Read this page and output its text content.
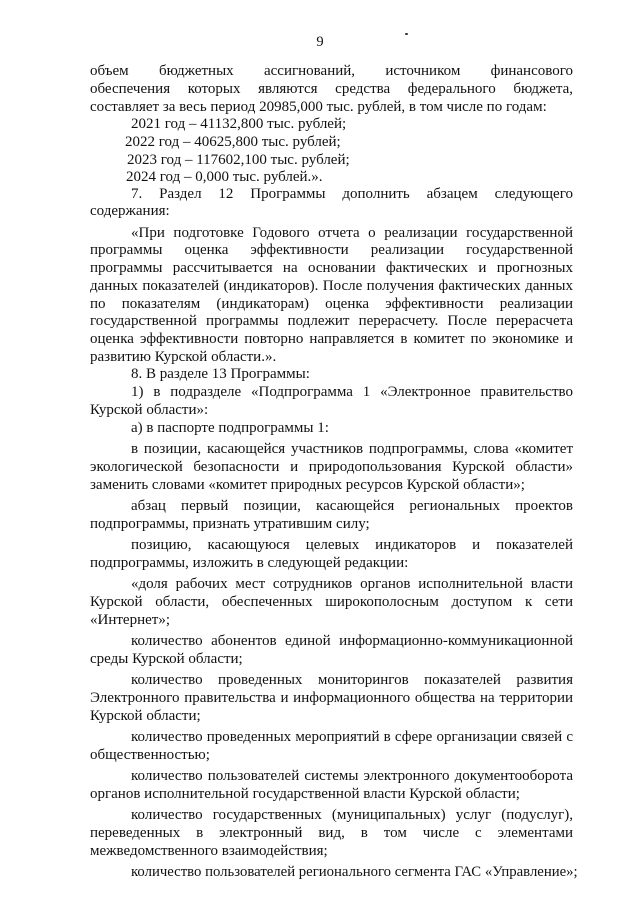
9
объем бюджетных ассигнований, источником финансового
обеспечения которых являются средства федерального бюджета,
составляет за весь период 20985,000 тыс. рублей, в том числе по годам:
2021 год – 41132,800 тыс. рублей;
2022 год – 40625,800 тыс. рублей;
2023 год – 117602,100 тыс. рублей;
2024 год – 0,000 тыс. рублей.».
7. Раздел 12 Программы дополнить абзацем следующего
содержания:
«При подготовке Годового отчета о реализации государственной
программы оценка эффективности реализации государственной
программы рассчитывается на основании фактических и прогнозных
данных показателей (индикаторов). После получения фактических данных
по показателям (индикаторам) оценка эффективности реализации
государственной программы подлежит перерасчету. После перерасчета
оценка эффективности повторно направляется в комитет по экономике и
развитию Курской области.».
8. В разделе 13 Программы:
1) в подразделе «Подпрограмма 1 «Электронное правительство
Курской области»:
а) в паспорте подпрограммы 1:
в позиции, касающейся участников подпрограммы, слова «комитет
экологической безопасности и природопользования Курской области»
заменить словами «комитет природных ресурсов Курской области»;
абзац первый позиции, касающейся региональных проектов
подпрограммы, признать утратившим силу;
позицию, касающуюся целевых индикаторов и показателей
подпрограммы, изложить в следующей редакции:
«доля рабочих мест сотрудников органов исполнительной власти
Курской области, обеспеченных широкополосным доступом к сети
«Интернет»;
количество абонентов единой информационно-коммуникационной
среды Курской области;
количество проведенных мониторингов показателей развития
Электронного правительства и информационного общества на территории
Курской области;
количество проведенных мероприятий в сфере организации связей с
общественностью;
количество пользователей системы электронного документооборота
органов исполнительной государственной власти Курской области;
количество государственных (муниципальных) услуг (подуслуг),
переведенных в электронный вид, в том числе с элементами
межведомственного взаимодействия;
количество пользователей регионального сегмента ГАС «Управление»;
